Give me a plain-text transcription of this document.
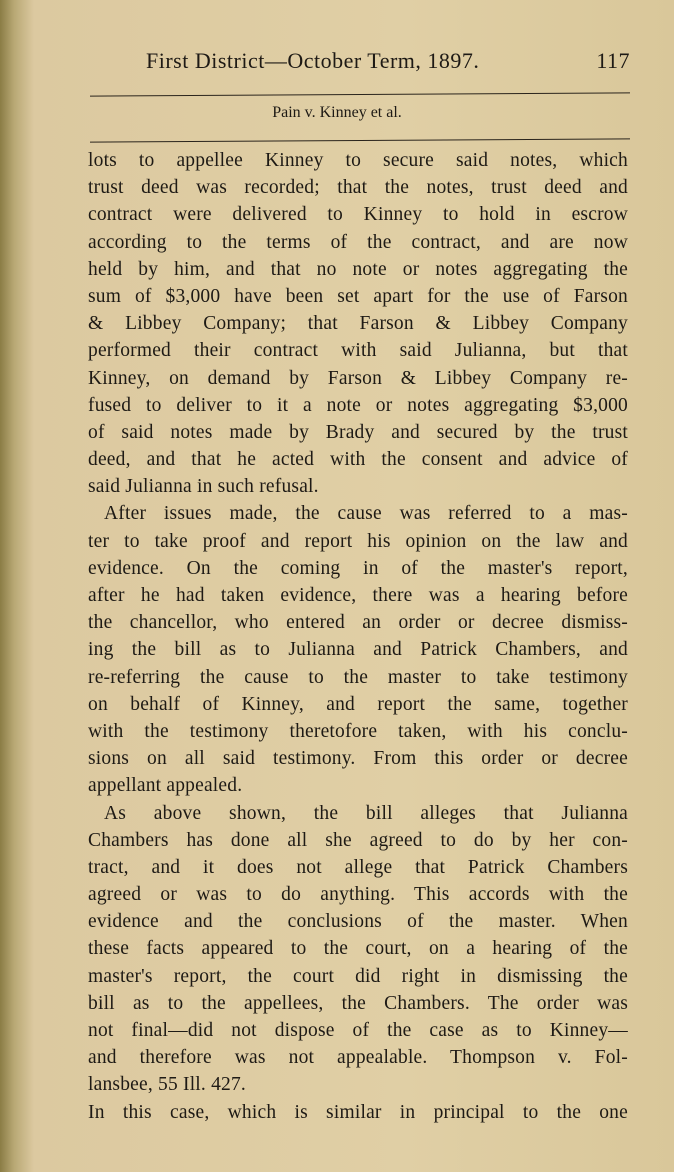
First District—October Term, 1897.	117
Pain v. Kinney et al.
lots to appellee Kinney to secure said notes, which
trust deed was recorded; that the notes, trust deed and
contract were delivered to Kinney to hold in escrow
according to the terms of the contract, and are now
held by him, and that no note or notes aggregating the
sum of $3,000 have been set apart for the use of Farson
& Libbey Company; that Farson & Libbey Company
performed their contract with said Julianna, but that
Kinney, on demand by Farson & Libbey Company re-
fused to deliver to it a note or notes aggregating $3,000
of said notes made by Brady and secured by the trust
deed, and that he acted with the consent and advice of
said Julianna in such refusal.
After issues made, the cause was referred to a mas-
ter to take proof and report his opinion on the law and
evidence. On the coming in of the master's report,
after he had taken evidence, there was a hearing before
the chancellor, who entered an order or decree dismiss-
ing the bill as to Julianna and Patrick Chambers, and
re-referring the cause to the master to take testimony
on behalf of Kinney, and report the same, together
with the testimony theretofore taken, with his conclu-
sions on all said testimony. From this order or decree
appellant appealed.
As above shown, the bill alleges that Julianna
Chambers has done all she agreed to do by her con-
tract, and it does not allege that Patrick Chambers
agreed or was to do anything. This accords with the
evidence and the conclusions of the master. When
these facts appeared to the court, on a hearing of the
master's report, the court did right in dismissing the
bill as to the appellees, the Chambers. The order was
not final—did not dispose of the case as to Kinney—
and therefore was not appealable. Thompson v. Fol-
lansbee, 55 Ill. 427.
In this case, which is similar in principal to the one
